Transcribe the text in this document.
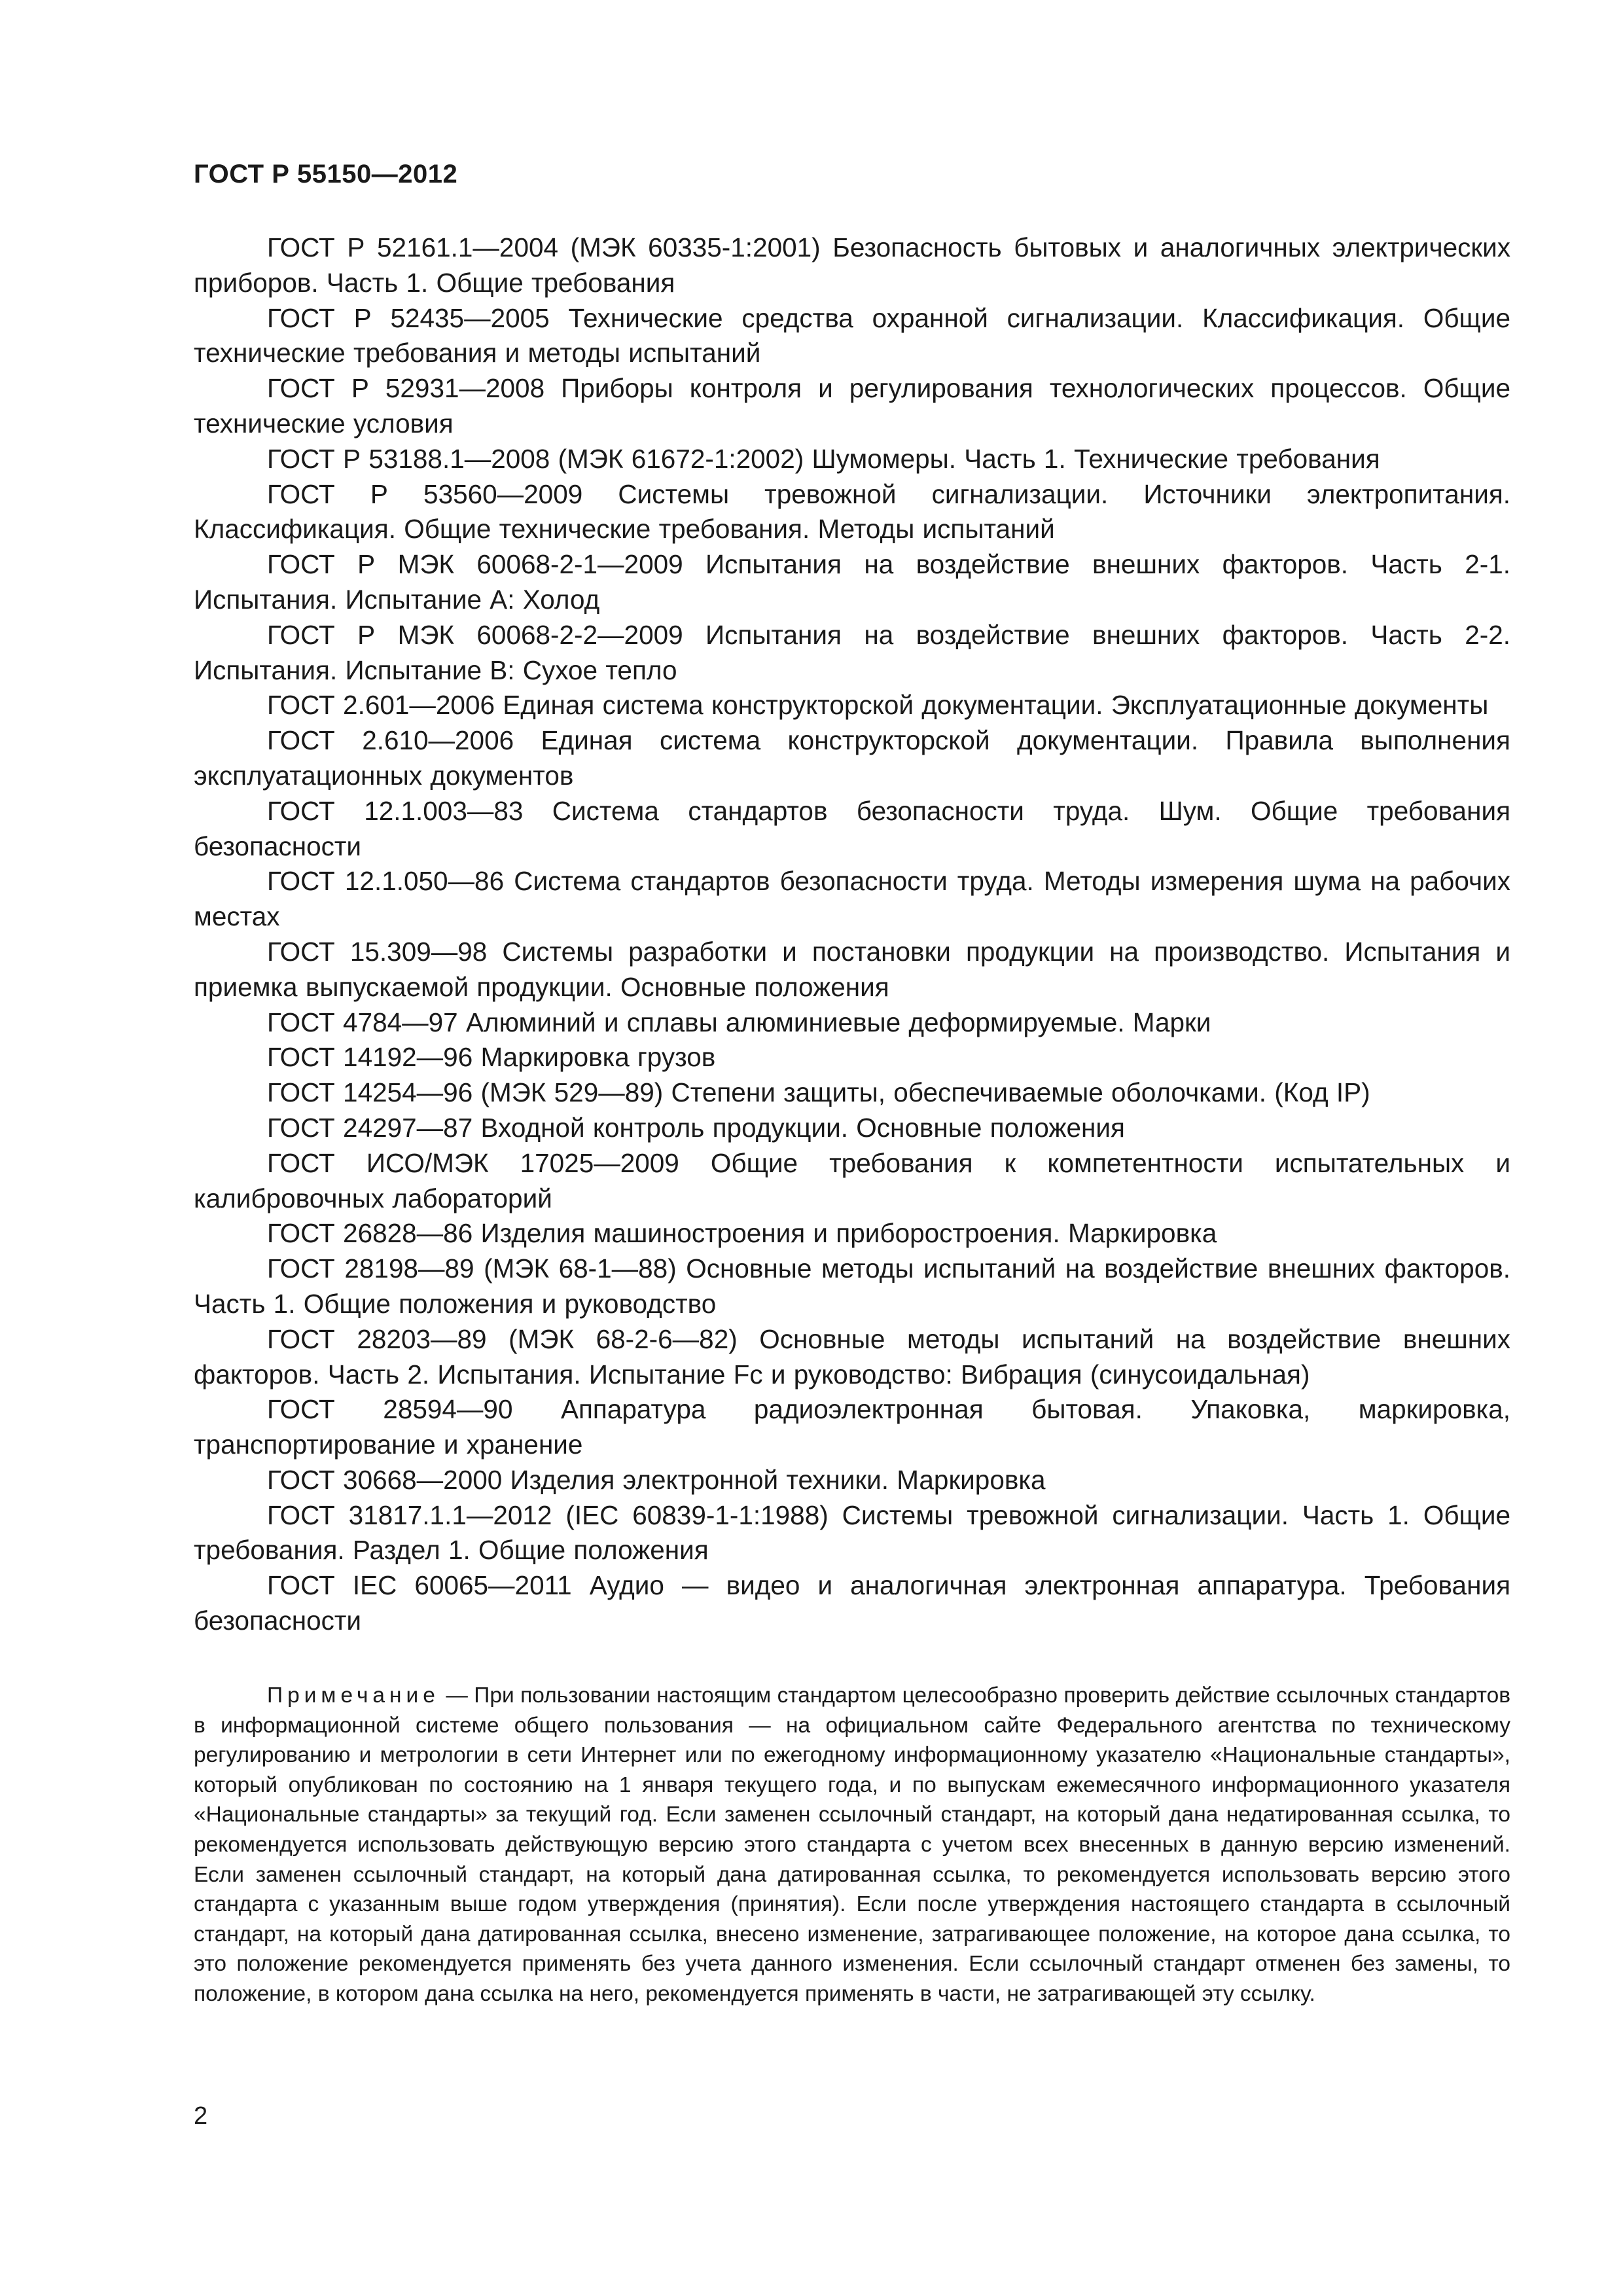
ГОСТ Р 55150—2012
ГОСТ Р 52161.1—2004 (МЭК 60335-1:2001) Безопасность бытовых и аналогичных электрических приборов. Часть 1. Общие требования
ГОСТ Р 52435—2005 Технические средства охранной сигнализации. Классификация. Общие технические требования и методы испытаний
ГОСТ Р 52931—2008 Приборы контроля и регулирования технологических процессов. Общие технические условия
ГОСТ Р 53188.1—2008 (МЭК 61672-1:2002) Шумомеры. Часть 1. Технические требования
ГОСТ Р 53560—2009 Системы тревожной сигнализации. Источники электропитания. Классификация. Общие технические требования. Методы испытаний
ГОСТ Р МЭК 60068-2-1—2009 Испытания на воздействие внешних факторов. Часть 2-1. Испытания. Испытание А: Холод
ГОСТ Р МЭК 60068-2-2—2009 Испытания на воздействие внешних факторов. Часть 2-2. Испытания. Испытание В: Сухое тепло
ГОСТ 2.601—2006 Единая система конструкторской документации. Эксплуатационные документы
ГОСТ 2.610—2006 Единая система конструкторской документации. Правила выполнения эксплуатационных документов
ГОСТ 12.1.003—83 Система стандартов безопасности труда. Шум. Общие требования безопасности
ГОСТ 12.1.050—86 Система стандартов безопасности труда. Методы измерения шума на рабочих местах
ГОСТ 15.309—98 Системы разработки и постановки продукции на производство. Испытания и приемка выпускаемой продукции. Основные положения
ГОСТ 4784—97 Алюминий и сплавы алюминиевые деформируемые. Марки
ГОСТ 14192—96 Маркировка грузов
ГОСТ 14254—96 (МЭК 529—89) Степени защиты, обеспечиваемые оболочками. (Код IP)
ГОСТ 24297—87 Входной контроль продукции. Основные положения
ГОСТ ИСО/МЭК 17025—2009 Общие требования к компетентности испытательных и калибровочных лабораторий
ГОСТ 26828—86 Изделия машиностроения и приборостроения. Маркировка
ГОСТ 28198—89 (МЭК 68-1—88) Основные методы испытаний на воздействие внешних факторов. Часть 1. Общие положения и руководство
ГОСТ 28203—89 (МЭК 68-2-6—82) Основные методы испытаний на воздействие внешних факторов. Часть 2. Испытания. Испытание Fc и руководство: Вибрация (синусоидальная)
ГОСТ 28594—90 Аппаратура радиоэлектронная бытовая. Упаковка, маркировка, транспортирование и хранение
ГОСТ 30668—2000 Изделия электронной техники. Маркировка
ГОСТ 31817.1.1—2012 (IEC 60839-1-1:1988) Системы тревожной сигнализации. Часть 1. Общие требования. Раздел 1. Общие положения
ГОСТ IEC 60065—2011 Аудио — видео и аналогичная электронная аппаратура. Требования безопасности
Примечание — При пользовании настоящим стандартом целесообразно проверить действие ссылочных стандартов в информационной системе общего пользования — на официальном сайте Федерального агентства по техническому регулированию и метрологии в сети Интернет или по ежегодному информационному указателю «Национальные стандарты», который опубликован по состоянию на 1 января текущего года, и по выпускам ежемесячного информационного указателя «Национальные стандарты» за текущий год. Если заменен ссылочный стандарт, на который дана недатированная ссылка, то рекомендуется использовать действующую версию этого стандарта с учетом всех внесенных в данную версию изменений. Если заменен ссылочный стандарт, на который дана датированная ссылка, то рекомендуется использовать версию этого стандарта с указанным выше годом утверждения (принятия). Если после утверждения настоящего стандарта в ссылочный стандарт, на который дана датированная ссылка, внесено изменение, затрагивающее положение, на которое дана ссылка, то это положение рекомендуется применять без учета данного изменения. Если ссылочный стандарт отменен без замены, то положение, в котором дана ссылка на него, рекомендуется применять в части, не затрагивающей эту ссылку.
2
